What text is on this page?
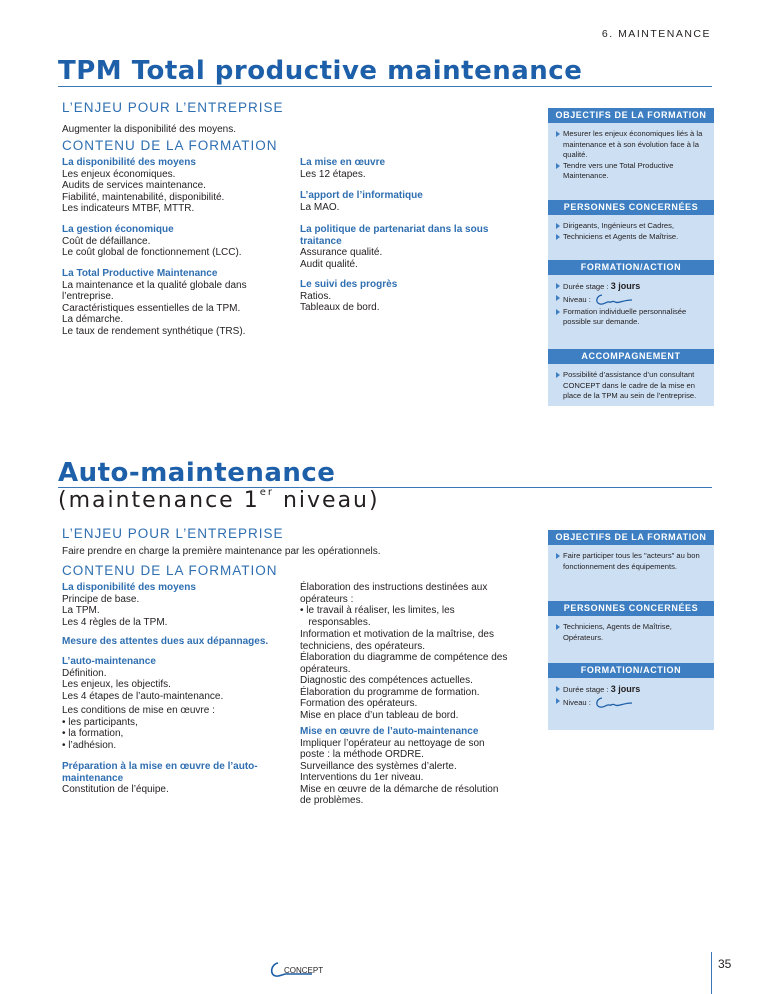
6. MAINTENANCE
TPM Total productive maintenance
L’ENJEU POUR L’ENTREPRISE
Augmenter la disponibilité des moyens.
CONTENU DE LA FORMATION
La disponibilité des moyens
Les enjeux économiques.
Audits de services maintenance.
Fiabilité, maintenabilité, disponibilité.
Les indicateurs MTBF, MTTR.
La gestion économique
Coût de défaillance.
Le coût global de fonctionnement (LCC).
La Total Productive Maintenance
La maintenance et la qualité globale dans
l’entreprise.
Caractéristiques essentielles de la TPM.
La démarche.
Le taux de rendement synthétique (TRS).
La mise en œuvre
Les 12 étapes.
L’apport de l’informatique
La MAO.
La politique de partenariat dans la sous
traitance
Assurance qualité.
Audit qualité.
Le suivi des progrès
Ratios.
Tableaux de bord.
OBJECTIFS DE LA FORMATION
Mesurer les enjeux économiques liés à la maintenance et à son évolution face à la qualité.
Tendre vers une Total Productive Maintenance.
PERSONNES CONCERNÉES
Dirigeants, Ingénieurs et Cadres,
Techniciens et Agents de Maîtrise.
FORMATION/ACTION
Durée stage : 3 jours
Niveau :
Formation individuelle personnalisée possible sur demande.
ACCOMPAGNEMENT
Possibilité d’assistance d’un consultant CONCEPT dans le cadre de la mise en place de la TPM au sein de l’entreprise.
Auto-maintenance
(maintenance 1er niveau)
L’ENJEU POUR L’ENTREPRISE
Faire prendre en charge la première maintenance par les opérationnels.
CONTENU DE LA FORMATION
La disponibilité des moyens
Principe de base.
La TPM.
Les 4 règles de la TPM.
Mesure des attentes dues aux dépannages.
L’auto-maintenance
Définition.
Les enjeux, les objectifs.
Les 4 étapes de l’auto-maintenance.
Les conditions de mise en œuvre :
• les participants,
• la formation,
• l’adhésion.
Préparation à la mise en œuvre de l’auto-
maintenance
Constitution de l’équipe.
Élaboration des instructions destinées aux
opérateurs :
• le travail à réaliser, les limites, les
responsables.
Information et motivation de la maîtrise, des
techniciens, des opérateurs.
Élaboration du diagramme de compétence des
opérateurs.
Diagnostic des compétences actuelles.
Élaboration du programme de formation.
Formation des opérateurs.
Mise en place d’un tableau de bord.
Mise en œuvre de l’auto-maintenance
Impliquer l’opérateur au nettoyage de son
poste : la méthode ORDRE.
Surveillance des systèmes d’alerte.
Interventions du 1er niveau.
Mise en œuvre de la démarche de résolution
de problèmes.
OBJECTIFS DE LA FORMATION
Faire participer tous les "acteurs" au bon fonctionnement des équipements.
PERSONNES CONCERNÉES
Techniciens, Agents de Maîtrise, Opérateurs.
FORMATION/ACTION
Durée stage : 3 jours
Niveau :
CONCEPT	35
